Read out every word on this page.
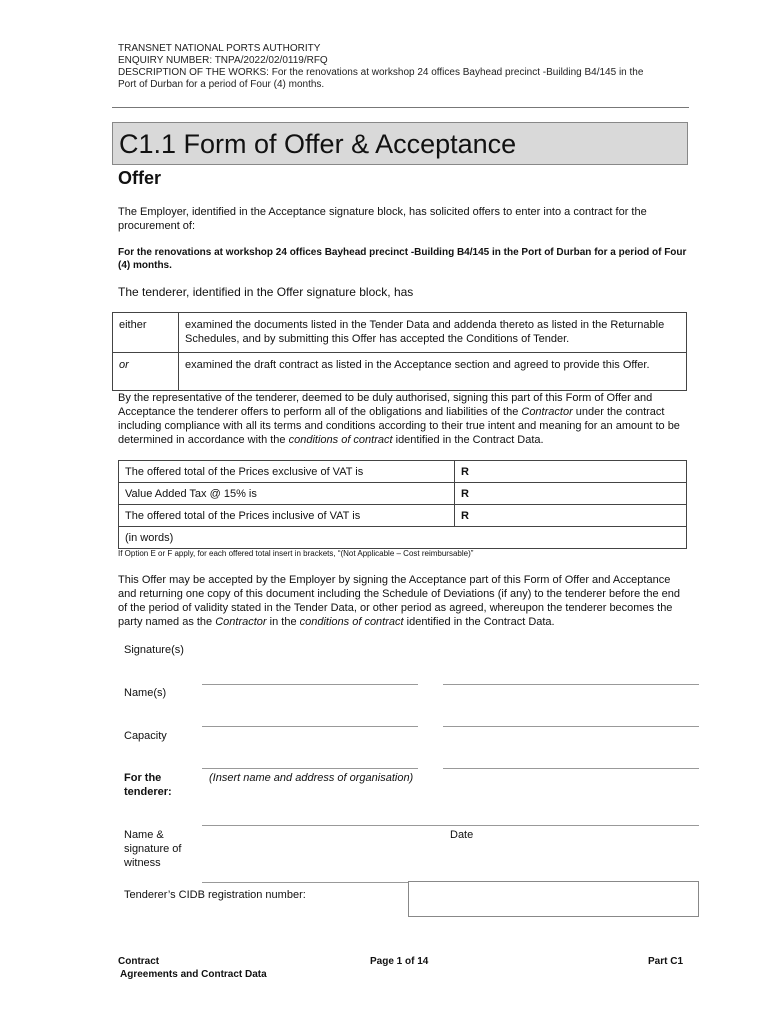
TRANSNET NATIONAL PORTS AUTHORITY
ENQUIRY NUMBER: TNPA/2022/02/0119/RFQ
DESCRIPTION OF THE WORKS: For the renovations at workshop 24 offices Bayhead precinct -Building B4/145 in the
Port of Durban for a period of Four (4) months.
C1.1 Form of Offer & Acceptance
Offer
The Employer, identified in the Acceptance signature block, has solicited offers to enter into a contract for the procurement of:
For the renovations at workshop 24 offices Bayhead precinct -Building B4/145 in the Port of Durban for a period of Four (4) months.
The tenderer, identified in the Offer signature block, has
either	examined the documents listed in the Tender Data and addenda thereto as listed in the Returnable Schedules, and by submitting this Offer has accepted the Conditions of Tender.
or	examined the draft contract as listed in the Acceptance section and agreed to provide this Offer.
By the representative of the tenderer, deemed to be duly authorised, signing this part of this Form of Offer and Acceptance the tenderer offers to perform all of the obligations and liabilities of the Contractor under the contract including compliance with all its terms and conditions according to their true intent and meaning for an amount to be determined in accordance with the conditions of contract identified in the Contract Data.
The offered total of the Prices exclusive of VAT is	R
Value Added Tax @ 15% is	R
The offered total of the Prices inclusive of VAT is	R
(in words)	
If Option E or F apply, for each offered total insert in brackets, “(Not Applicable – Cost reimbursable)”
This Offer may be accepted by the Employer by signing the Acceptance part of this Form of Offer and Acceptance and returning one copy of this document including the Schedule of Deviations (if any) to the tenderer before the end of the period of validity stated in the Tender Data, or other period as agreed, whereupon the tenderer becomes the party named as the Contractor in the conditions of contract identified in the Contract Data.
Signature(s)
Name(s)
Capacity
For the
tenderer:
(Insert name and address of organisation)
Name &
signature of
witness
Date
Tenderer’s CIDB registration number:
Contract
Agreements and Contract Data
Page 1 of 14	Part C1
